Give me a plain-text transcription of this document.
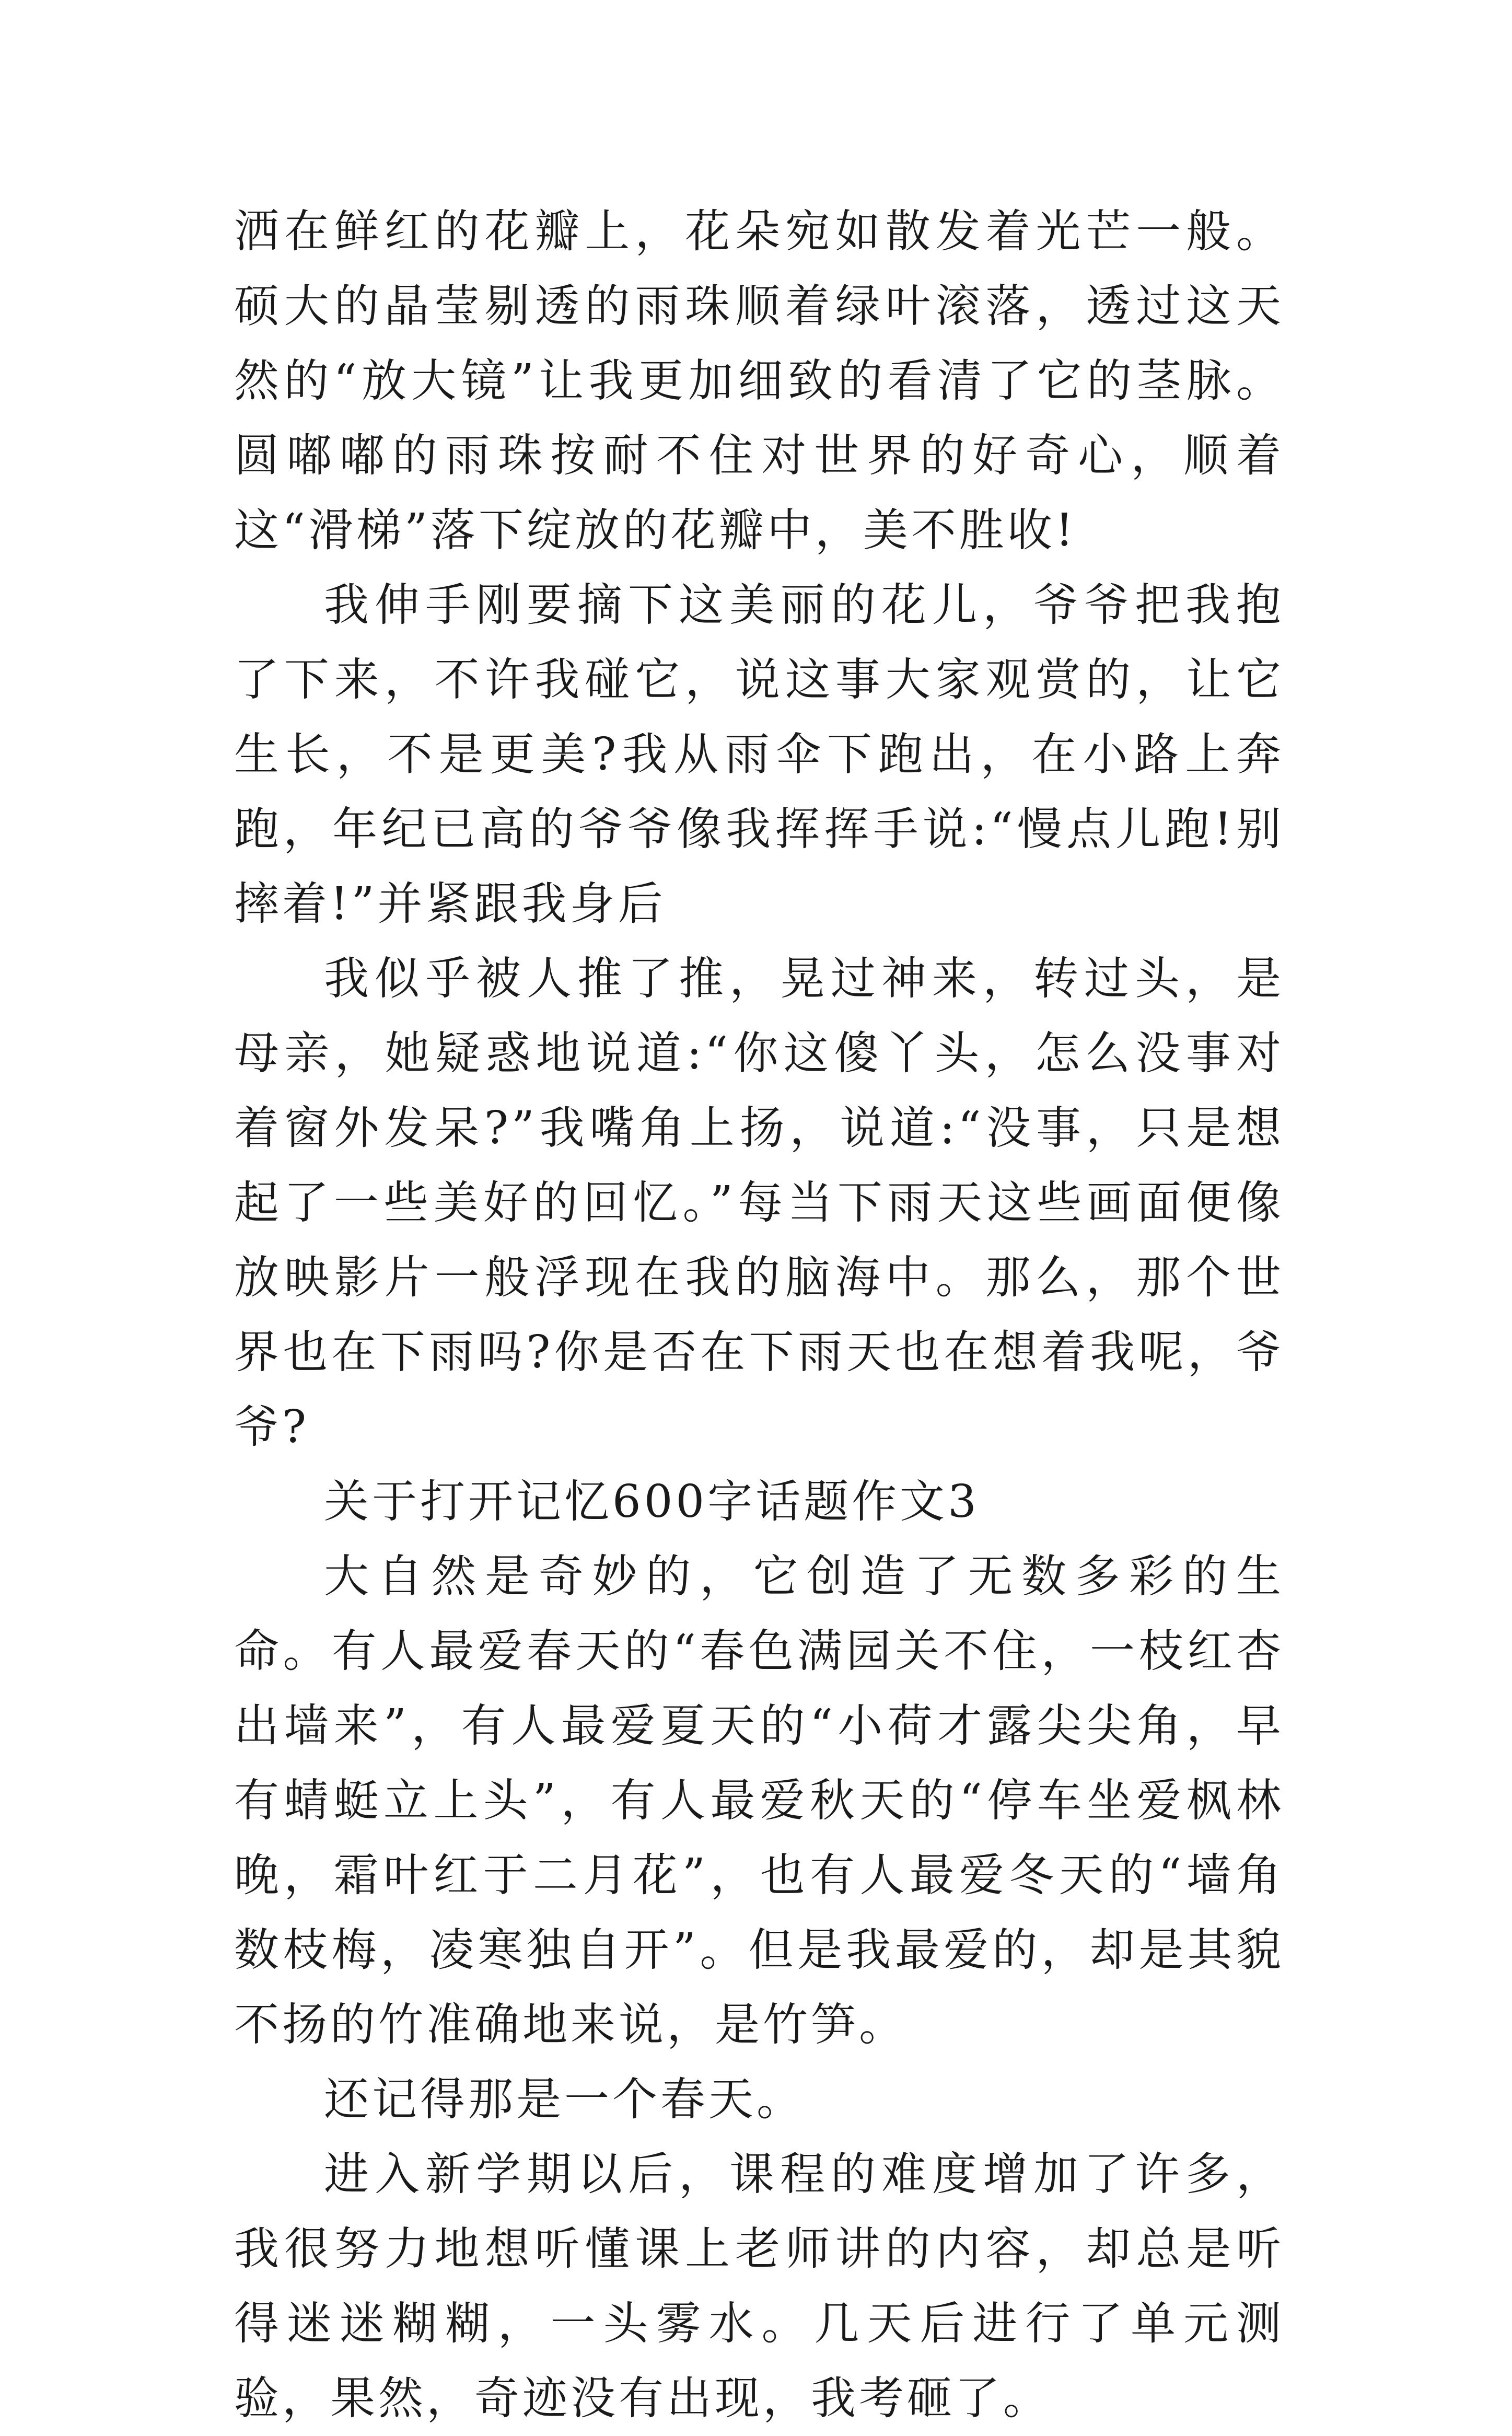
洒在鲜红的花瓣上，花朵宛如散发着光芒一般。硕大的晶莹剔透的雨珠顺着绿叶滚落，透过这天然的“放大镜”让我更加细致的看清了它的茎脉。圆嘟嘟的雨珠按耐不住对世界的好奇心，顺着这“滑梯”落下绽放的花瓣中，美不胜收!

我伸手刚要摘下这美丽的花儿，爷爷把我抱了下来，不许我碰它，说这事大家观赏的，让它生长，不是更美?我从雨伞下跑出，在小路上奔跑，年纪已高的爷爷像我挥挥手说:“慢点儿跑!别摔着!”并紧跟我身后

我似乎被人推了推，晃过神来，转过头，是母亲，她疑惑地说道:“你这傻丫头，怎么没事对着窗外发呆?”我嘴角上扬，说道:“没事，只是想起了一些美好的回忆。”每当下雨天这些画面便像放映影片一般浮现在我的脑海中。那么，那个世界也在下雨吗?你是否在下雨天也在想着我呢，爷爷?

关于打开记忆600字话题作文3

大自然是奇妙的，它创造了无数多彩的生命。有人最爱春天的“春色满园关不住，一枝红杏出墙来”，有人最爱夏天的“小荷才露尖尖角，早有蜻蜓立上头”，有人最爱秋天的“停车坐爱枫林晚，霜叶红于二月花”，也有人最爱冬天的“墙角数枝梅，凌寒独自开”。但是我最爱的，却是其貌不扬的竹准确地来说，是竹笋。

还记得那是一个春天。

进入新学期以后，课程的难度增加了许多，我很努力地想听懂课上老师讲的内容，却总是听得迷迷糊糊，一头雾水。几天后进行了单元测验，果然，奇迹没有出现，我考砸了。
